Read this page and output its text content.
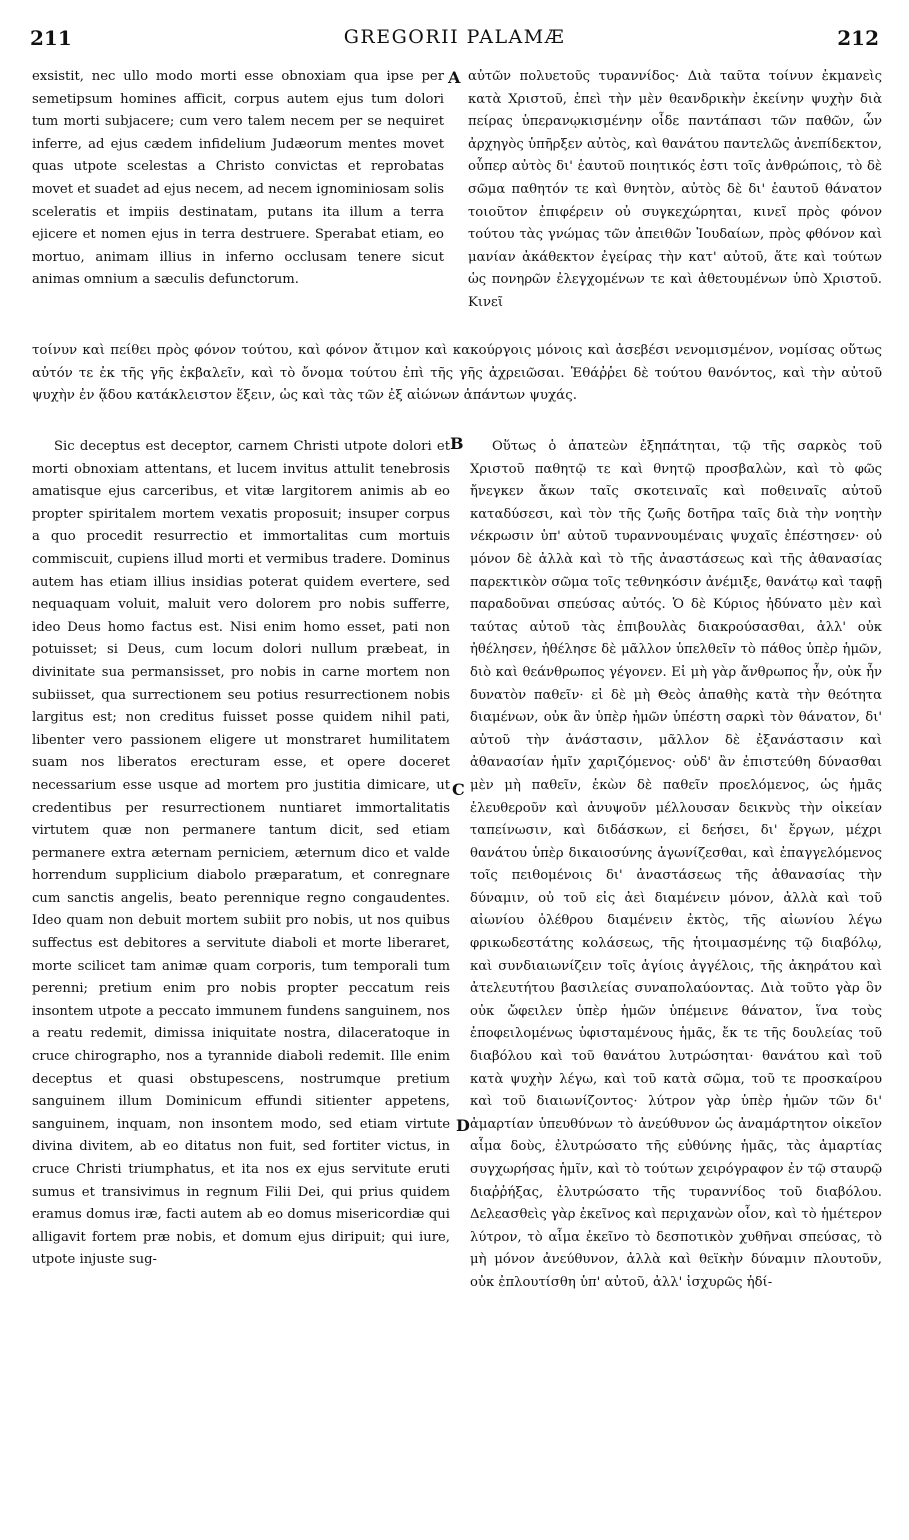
211	GREGORII PALAMÆ	212

exsistit, nec ullo modo morti esse obnoxiam qua ipse per semetipsum homines afficit, corpus autem ejus tum dolori tum morti subjacere; cum vero talem necem per se nequiret inferre, ad ejus cædem infidelium Judæorum mentes movet quas utpote scelestas a Christo convictas et reprobatas movet et suadet ad ejus necem, ad necem ignominiosam solis sceleratis et impiis destinatam, putans ita illum a terra ejicere et nomen ejus in terra destruere. Sperabat etiam, eo mortuo, animam illius in inferno occlusam tenere sicut animas omnium a sæculis defunctorum.

A αὐτῶν πολυετοῦς τυραννίδος· Διὰ ταῦτα τοίνυν ἐκμανεὶς κατὰ Χριστοῦ, ἐπεὶ τὴν μὲν θεανδρικὴν ἐκείνην ψυχὴν διὰ πείρας ὑπερανῳκισμένην οἶδε παντάπασι τῶν παθῶν, ὧν ἀρχηγὸς ὑπῆρξεν αὐτὸς, καὶ θανάτου παντελῶς ἀνεπίδεκτον, οὗπερ αὐτὸς δι' ἑαυτοῦ ποιητικός ἐστι τοῖς ἀνθρώποις, τὸ δὲ σῶμα παθητόν τε καὶ θνητὸν, αὐτὸς δὲ δι' ἑαυτοῦ θάνατον τοιοῦτον ἐπιφέρειν οὐ συγκεχώρηται, κινεῖ πρὸς φόνον τούτου τὰς γνώμας τῶν ἀπειθῶν Ἰουδαίων, πρὸς φθόνον καὶ μανίαν ἀκάθεκτον ἐγείρας τὴν κατ' αὐτοῦ, ἅτε καὶ τούτων ὡς πονηρῶν ἐλεγχομένων τε καὶ ἀθετουμένων ὑπὸ Χριστοῦ. Κινεῖ

τοίνυν καὶ πείθει πρὸς φόνον τούτου, καὶ φόνον ἄτιμον καὶ κακούργοις μόνοις καὶ ἀσεβέσι νενομισμένον, νομίσας οὕτως αὐτόν τε ἐκ τῆς γῆς ἐκβαλεῖν, καὶ τὸ ὄνομα τούτου ἐπὶ τῆς γῆς ἀχρειῶσαι. Ἐθάῤῥει δὲ τούτου θανόντος, καὶ τὴν αὐτοῦ ψυχὴν ἐν ᾅδου κατάκλειστον ἕξειν, ὡς καὶ τὰς τῶν ἐξ αἰώνων ἁπάντων ψυχάς.

Sic deceptus est deceptor, carnem Christi utpote dolori et morti obnoxiam attentans, et lucem invitus attulit tenebrosis amatisque ejus carceribus, et vitæ largitorem animis ab eo propter spiritalem mortem vexatis proposuit; insuper corpus a quo procedit resurrectio et immortalitas cum mortuis commiscuit, cupiens illud morti et vermibus tradere. Dominus autem has etiam illius insidias poterat quidem evertere, sed nequaquam voluit, maluit vero dolorem pro nobis sufferre, ideo Deus homo factus est. Nisi enim homo esset, pati non potuisset; si Deus, cum locum dolori nullum præbeat, in divinitate sua permansisset, pro nobis in carne mortem non subiisset, qua surrectionem seu potius resurrectionem nobis largitus est; non creditus fuisset posse quidem nihil pati, libenter vero passionem eligere ut monstraret humilitatem suam nos liberatos erecturam esse, et opere doceret necessarium esse usque ad mortem pro justitia dimicare, ut credentibus per resurrectionem nuntiaret immortalitatis virtutem quæ non permanere tantum dicit, sed etiam permanere extra æternam perniciem, æternum dico et valde horrendum supplicium diabolo præparatum, et conregnare cum sanctis angelis, beato perennique regno congaudentes. Ideo quam non debuit mortem subiit pro nobis, ut nos quibus suffectus est debitores a servitute diaboli et morte liberaret, morte scilicet tam animæ quam corporis, tum temporali tum perenni; pretium enim pro nobis propter peccatum reis insontem utpote a peccato immunem fundens sanguinem, nos a reatu redemit, dimissa iniquitate nostra, dilaceratoque in cruce chirographo, nos a tyrannide diaboli redemit. Ille enim deceptus et quasi obstupescens, nostrumque pretium sanguinem illum Dominicum effundi sitienter appetens, sanguinem, inquam, non insontem modo, sed etiam virtute divina divitem, ab eo ditatus non fuit, sed fortiter victus, in cruce Christi triumphatus, et ita nos ex ejus servitute eruti sumus et transivimus in regnum Filii Dei, qui prius quidem eramus domus iræ, facti autem ab eo domus misericordiæ qui alligavit fortem præ nobis, et domum ejus diripuit; qui iure, utpote injuste sug-

B
C
D

Οὕτως ὁ ἀπατεὼν ἐξηπάτηται, τῷ τῆς σαρκὸς τοῦ Χριστοῦ παθητῷ τε καὶ θνητῷ προσβαλὼν, καὶ τὸ φῶς ἤνεγκεν ἄκων ταῖς σκοτειναῖς καὶ ποθειναῖς αὐτοῦ καταδύσεσι, καὶ τὸν τῆς ζωῆς δοτῆρα ταῖς διὰ τὴν νοητὴν νέκρωσιν ὑπ' αὐτοῦ τυραννουμέναις ψυχαῖς ἐπέστησεν· οὐ μόνον δὲ ἀλλὰ καὶ τὸ τῆς ἀναστάσεως καὶ τῆς ἀθανασίας παρεκτικὸν σῶμα τοῖς τεθνηκόσιν ἀνέμιξε, θανάτῳ καὶ ταφῇ παραδοῦναι σπεύσας αὐτός. Ὁ δὲ Κύριος ἠδύνατο μὲν καὶ ταύτας αὐτοῦ τὰς ἐπιβουλὰς διακρούσασθαι, ἀλλ' οὐκ ἠθέλησεν, ἠθέλησε δὲ μᾶλλον ὑπελθεῖν τὸ πάθος ὑπὲρ ἡμῶν, διὸ καὶ θεάνθρωπος γέγονεν. Εἰ μὴ γὰρ ἄνθρωπος ἦν, οὐκ ἦν δυνατὸν παθεῖν· εἰ δὲ μὴ Θεὸς ἀπαθὴς κατὰ τὴν θεότητα διαμένων, οὐκ ἂν ὑπὲρ ἡμῶν ὑπέστη σαρκὶ τὸν θάνατον, δι' αὐτοῦ τὴν ἀνάστασιν, μᾶλλον δὲ ἐξανάστασιν καὶ ἀθανασίαν ἡμῖν χαριζόμενος· οὐδ' ἂν ἐπιστεύθη δύνασθαι μὲν μὴ παθεῖν, ἑκὼν δὲ παθεῖν προελόμενος, ὡς ἡμᾶς ἐλευθεροῦν καὶ ἀνυψοῦν μέλλουσαν δεικνὺς τὴν οἰκείαν ταπείνωσιν, καὶ διδάσκων, εἰ δεήσει, δι' ἔργων, μέχρι θανάτου ὑπὲρ δικαιοσύνης ἀγωνίζεσθαι, καὶ ἐπαγγελόμενος τοῖς πειθομένοις δι' ἀναστάσεως τῆς ἀθανασίας τὴν δύναμιν, οὐ τοῦ εἰς ἀεὶ διαμένειν μόνον, ἀλλὰ καὶ τοῦ αἰωνίου ὀλέθρου διαμένειν ἐκτὸς, τῆς αἰωνίου λέγω φρικωδεστάτης κολάσεως, τῆς ἡτοιμασμένης τῷ διαβόλῳ, καὶ συνδιαιωνίζειν τοῖς ἁγίοις ἀγγέλοις, τῆς ἀκηράτου καὶ ἀτελευτήτου βασιλείας συναπολαύοντας. Διὰ τοῦτο γὰρ ὃν οὐκ ὤφειλεν ὑπὲρ ἡμῶν ὑπέμεινε θάνατον, ἵνα τοὺς ἐποφειλομένως ὑφισταμένους ἡμᾶς, ἔκ τε τῆς δουλείας τοῦ διαβόλου καὶ τοῦ θανάτου λυτρώσηται· θανάτου καὶ τοῦ κατὰ ψυχὴν λέγω, καὶ τοῦ κατὰ σῶμα, τοῦ τε προσκαίρου καὶ τοῦ διαιωνίζοντος· λύτρον γὰρ ὑπὲρ ἡμῶν τῶν δι' ἁμαρτίαν ὑπευθύνων τὸ ἀνεύθυνον ὡς ἀναμάρτητον οἰκεῖον αἷμα δοὺς, ἐλυτρώσατο τῆς εὐθύνης ἡμᾶς, τὰς ἁμαρτίας συγχωρήσας ἡμῖν, καὶ τὸ τούτων χειρόγραφον ἐν τῷ σταυρῷ διαῤῥήξας, ἐλυτρώσατο τῆς τυραννίδος τοῦ διαβόλου. Δελεασθεὶς γὰρ ἐκεῖνος καὶ περιχανὼν οἷον, καὶ τὸ ἡμέτερον λύτρον, τὸ αἷμα ἐκεῖνο τὸ δεσποτικὸν χυθῆναι σπεύσας, τὸ μὴ μόνον ἀνεύθυνον, ἀλλὰ καὶ θεϊκὴν δύναμιν πλουτοῦν, οὐκ ἐπλουτίσθη ὑπ' αὐτοῦ, ἀλλ' ἰσχυρῶς ἡδί-
